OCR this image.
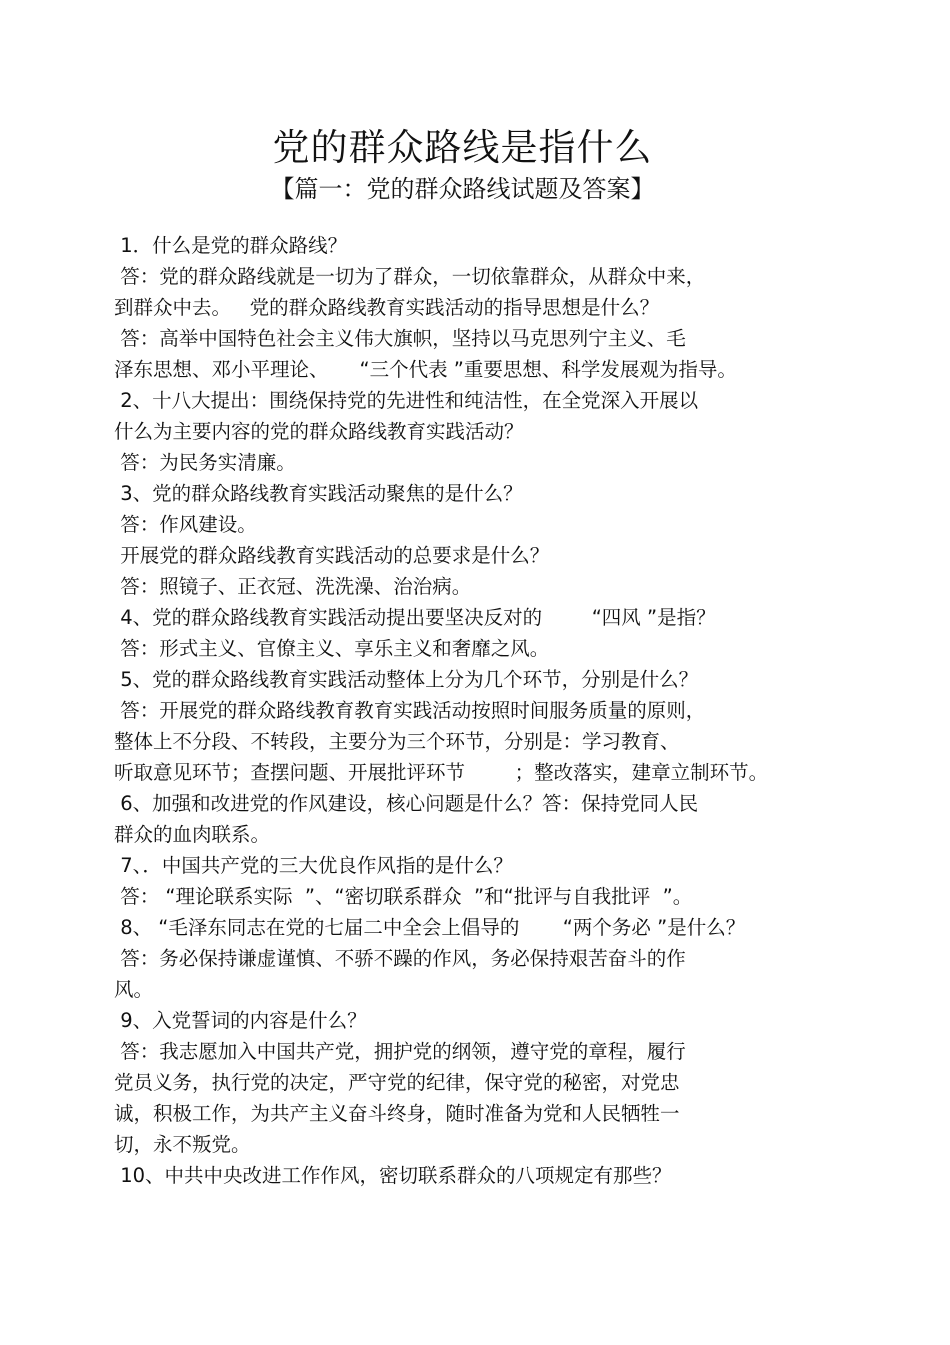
党的群众路线是指什么
【篇一：党的群众路线试题及答案】
1．什么是党的群众路线？
答：党的群众路线就是一切为了群众，一切依靠群众，从群众中来，
到群众中去。   党的群众路线教育实践活动的指导思想是什么？
答：高举中国特色社会主义伟大旗帜，坚持以马克思列宁主义、毛
泽东思想、邓小平理论、     “三个代表 ”重要思想、科学发展观为指导。
2、十八大提出：围绕保持党的先进性和纯洁性，在全党深入开展以
什么为主要内容的党的群众路线教育实践活动？
答：为民务实清廉。
3、党的群众路线教育实践活动聚焦的是什么？
答：作风建设。
开展党的群众路线教育实践活动的总要求是什么？
答：照镜子、正衣冠、洗洗澡、治治病。
4、党的群众路线教育实践活动提出要坚决反对的        “四风 ”是指？
答：形式主义、官僚主义、享乐主义和奢靡之风。
5、党的群众路线教育实践活动整体上分为几个环节，分别是什么？
答：开展党的群众路线教育教育实践活动按照时间服务质量的原则，
整体上不分段、不转段，主要分为三个环节，分别是：学习教育、
听取意见环节；查摆问题、开展批评环节        ；整改落实，建章立制环节。
6、加强和改进党的作风建设，核心问题是什么？答：保持党同人民
群众的血肉联系。
7、．中国共产党的三大优良作风指的是什么？
答： “理论联系实际  ”、“密切联系群众  ”和“批评与自我批评  ”。
8、 “毛泽东同志在党的七届二中全会上倡导的       “两个务必 ”是什么？
答：务必保持谦虚谨慎、不骄不躁的作风，务必保持艰苦奋斗的作
风。
9、入党誓词的内容是什么？
答：我志愿加入中国共产党，拥护党的纲领，遵守党的章程，履行
党员义务，执行党的决定，严守党的纪律，保守党的秘密，对党忠
诚，积极工作，为共产主义奋斗终身，随时准备为党和人民牺牲一
切，永不叛党。
10、中共中央改进工作作风，密切联系群众的八项规定有那些？
